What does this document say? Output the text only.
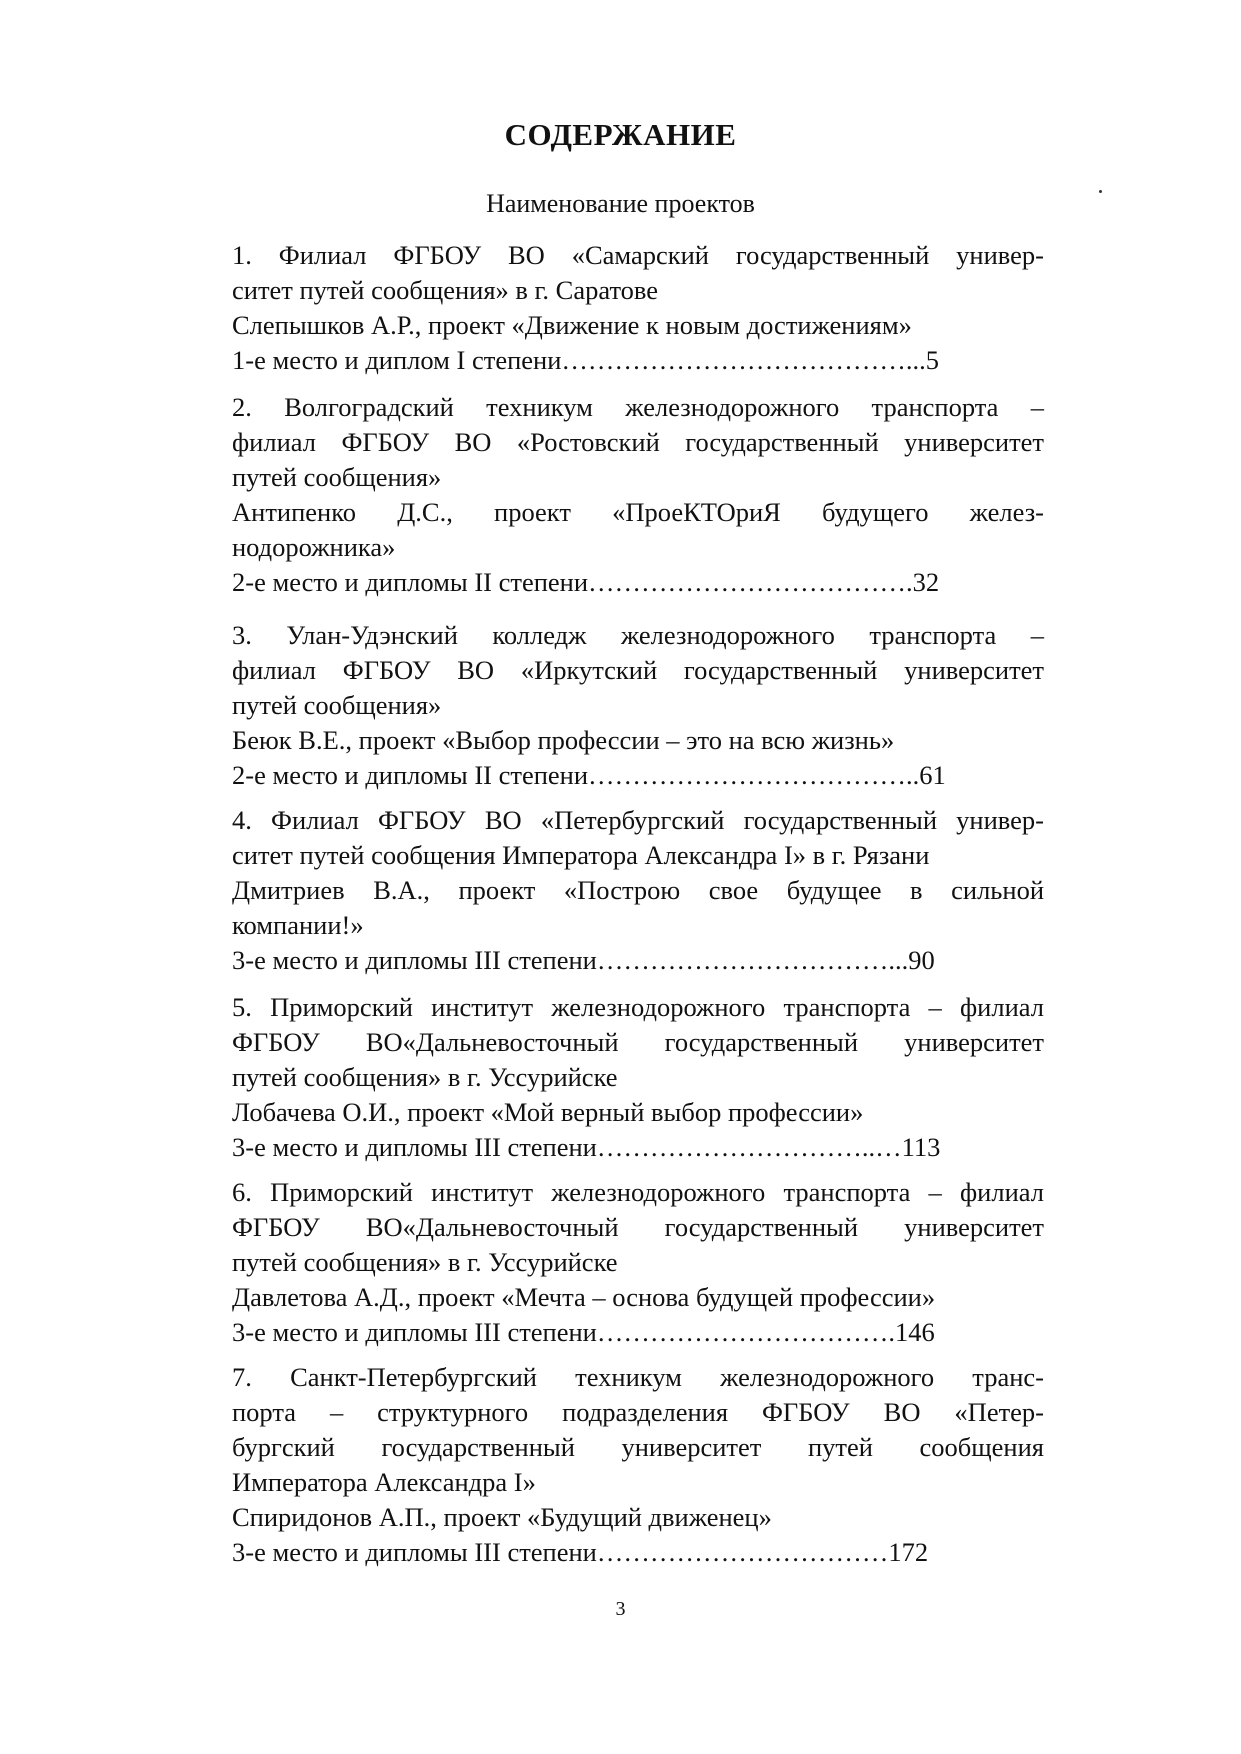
СОДЕРЖАНИЕ
Наименование проектов
1. Филиал ФГБОУ ВО «Самарский государственный универ-
ситет путей сообщения» в г. Саратове
Слепышков А.Р., проект «Движение к новым достижениям»
1-е место и диплом I степени…………………………………...5
2. Волгоградский техникум железнодорожного транспорта –
филиал ФГБОУ ВО «Ростовский государственный университет
путей сообщения»
Антипенко Д.С., проект «ПроеКТОриЯ будущего желез-
нодорожника»
2-е место и дипломы II степени……………………………….32
3. Улан-Удэнский колледж железнодорожного транспорта –
филиал ФГБОУ ВО «Иркутский государственный университет
путей сообщения»
Беюк В.Е., проект «Выбор профессии – это на всю жизнь»
2-е место и дипломы II степени………………………………..61
4. Филиал ФГБОУ ВО «Петербургский государственный универ-
ситет путей сообщения Императора Александра I» в г. Рязани
Дмитриев В.А., проект «Построю свое будущее в сильной
компании!»
3-е место и дипломы III степени……………………………...90
5. Приморский институт железнодорожного транспорта – филиал
ФГБОУ ВО«Дальневосточный государственный университет
путей сообщения» в г. Уссурийске
Лобачева О.И., проект «Мой верный выбор профессии»
3-е место и дипломы III степени…………………………..…113
6. Приморский институт железнодорожного транспорта – филиал
ФГБОУ ВО«Дальневосточный государственный университет
путей сообщения» в г. Уссурийске
Давлетова А.Д., проект «Мечта – основа будущей профессии»
3-е место и дипломы III степени…………………………….146
7. Санкт-Петербургский техникум железнодорожного транс-
порта – структурного подразделения ФГБОУ ВО «Петер-
бургский государственный университет путей сообщения
Императора Александра I»
Спиридонов А.П., проект «Будущий движенец»
3-е место и дипломы III степени……………………………172
3
